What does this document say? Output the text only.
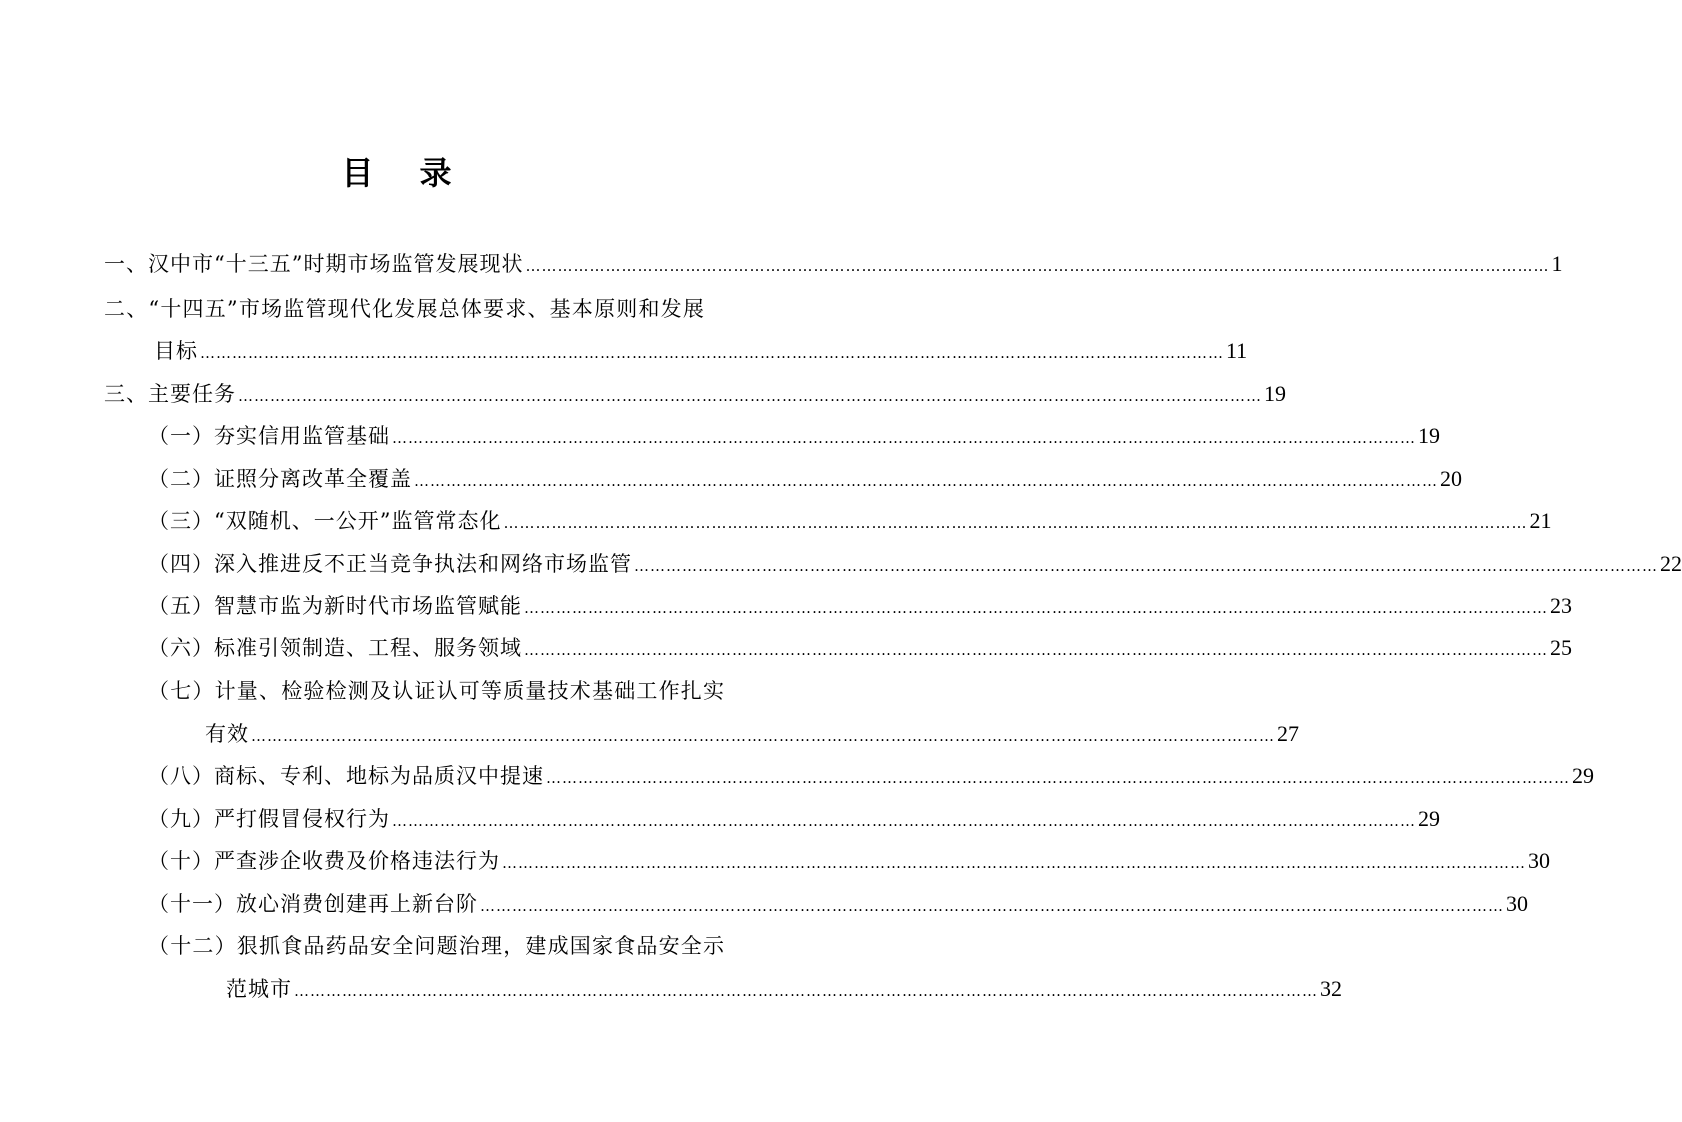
目 录
一、汉中市“十三五”时期市场监管发展现状 ………………………………………………………………………………………………………………………………………………………………………… 1
二、“十四五”市场监管现代化发展总体要求、基本原则和发展
目标 ………………………………………………………………………………………………………………………………………………………………………… 11
三、主要任务 ………………………………………………………………………………………………………………………………………………………………………… 19
（一）夯实信用监管基础 ………………………………………………………………………………………………………………………………………………………………………… 19
（二）证照分离改革全覆盖 ………………………………………………………………………………………………………………………………………………………………………… 20
（三）“双随机、一公开”监管常态化 ………………………………………………………………………………………………………………………………………………………………………… 21
（四）深入推进反不正当竞争执法和网络市场监管 ………………………………………………………………………………………………………………………………………………………………………… 22
（五）智慧市监为新时代市场监管赋能 ………………………………………………………………………………………………………………………………………………………………………… 23
（六）标准引领制造、工程、服务领域 ………………………………………………………………………………………………………………………………………………………………………… 25
（七）计量、检验检测及认证认可等质量技术基础工作扎实
有效 ………………………………………………………………………………………………………………………………………………………………………… 27
（八）商标、专利、地标为品质汉中提速 ………………………………………………………………………………………………………………………………………………………………………… 29
（九）严打假冒侵权行为 ………………………………………………………………………………………………………………………………………………………………………… 29
（十）严查涉企收费及价格违法行为 ………………………………………………………………………………………………………………………………………………………………………… 30
（十一）放心消费创建再上新台阶 ………………………………………………………………………………………………………………………………………………………………………… 30
（十二）狠抓食品药品安全问题治理，建成国家食品安全示
范城市 ………………………………………………………………………………………………………………………………………………………………………… 32
